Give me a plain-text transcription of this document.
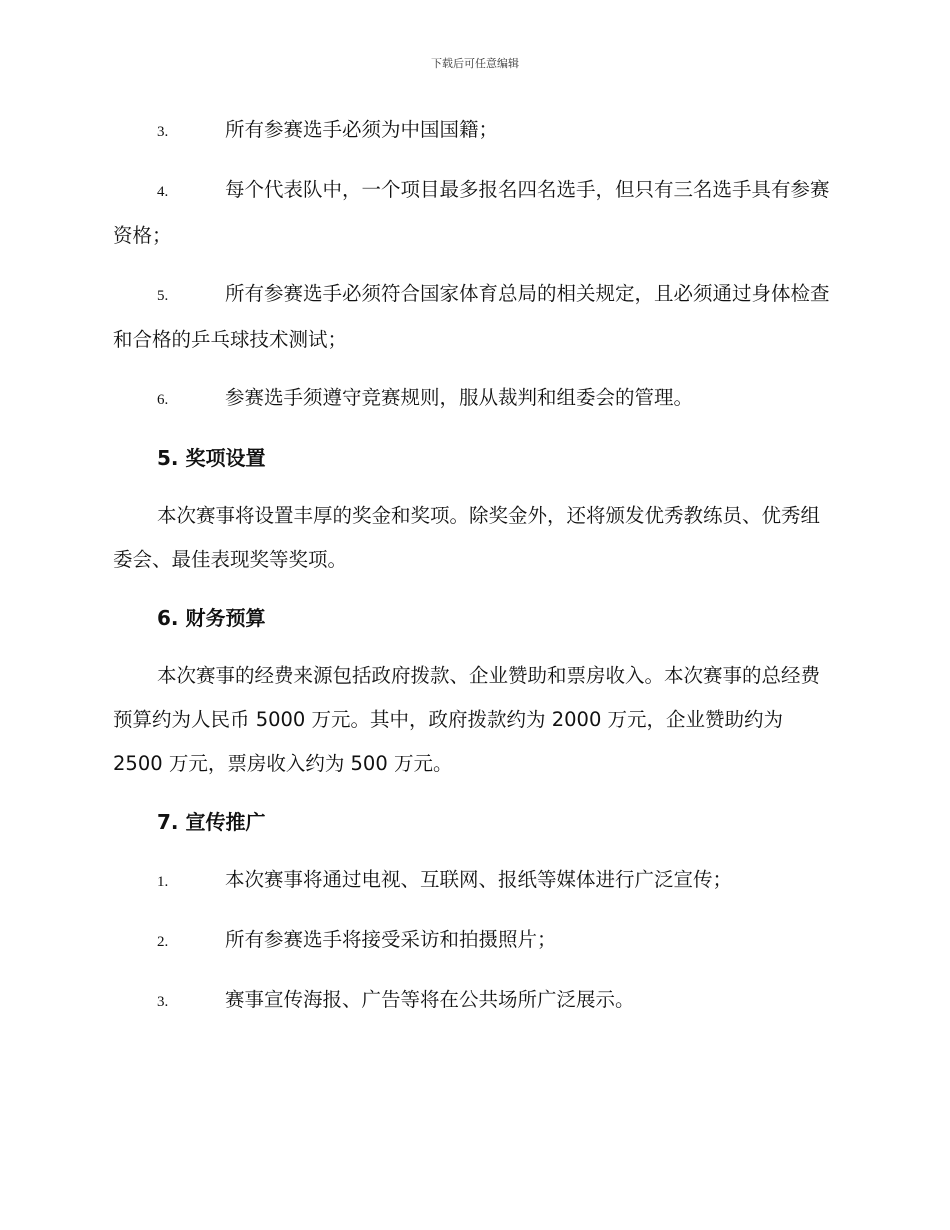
下载后可任意编辑
3.	所有参赛选手必须为中国国籍；
4.	每个代表队中，一个项目最多报名四名选手，但只有三名选手具有参赛资格；
5.	所有参赛选手必须符合国家体育总局的相关规定，且必须通过身体检查和合格的乒乓球技术测试；
6.	参赛选手须遵守竞赛规则，服从裁判和组委会的管理。
5. 奖项设置
本次赛事将设置丰厚的奖金和奖项。除奖金外，还将颁发优秀教练员、优秀组委会、最佳表现奖等奖项。
6. 财务预算
本次赛事的经费来源包括政府拨款、企业赞助和票房收入。本次赛事的总经费预算约为人民币 5000 万元。其中，政府拨款约为 2000 万元，企业赞助约为 2500 万元，票房收入约为 500 万元。
7. 宣传推广
1.	本次赛事将通过电视、互联网、报纸等媒体进行广泛宣传；
2.	所有参赛选手将接受采访和拍摄照片；
3.	赛事宣传海报、广告等将在公共场所广泛展示。
